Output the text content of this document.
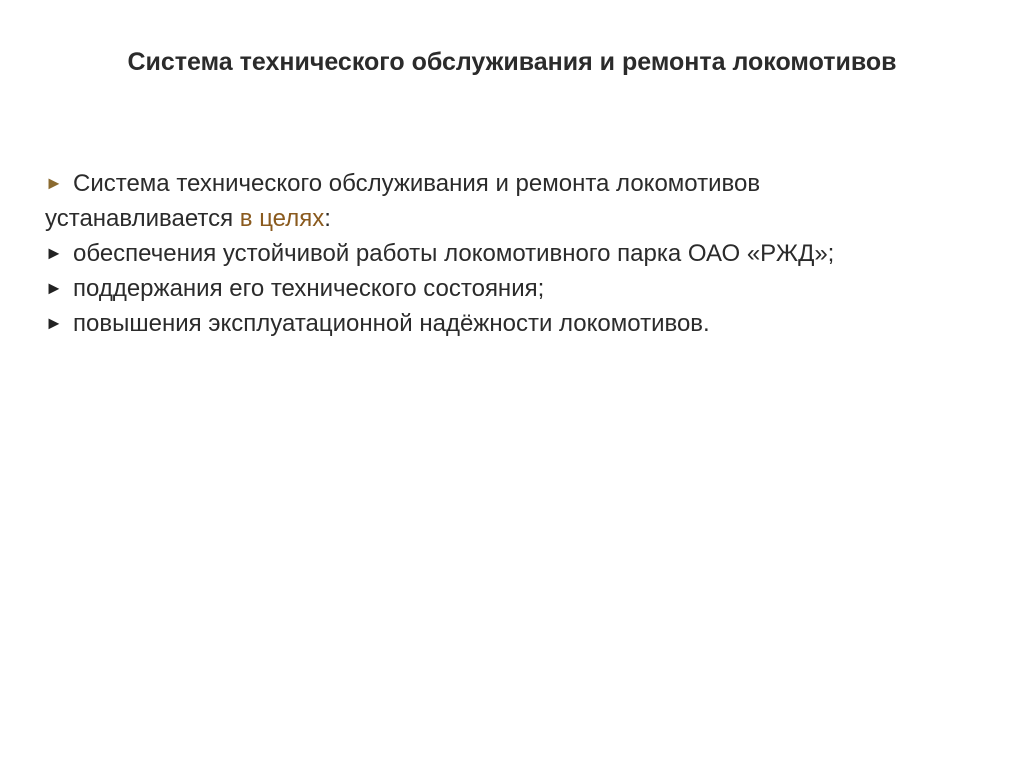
Система технического обслуживания и ремонта локомотивов
► Система технического обслуживания и ремонта локомотивов
устанавливается в целях:
► обеспечения устойчивой работы локомотивного парка ОАО «РЖД»;
► поддержания его технического состояния;
► повышения эксплуатационной надёжности локомотивов.
